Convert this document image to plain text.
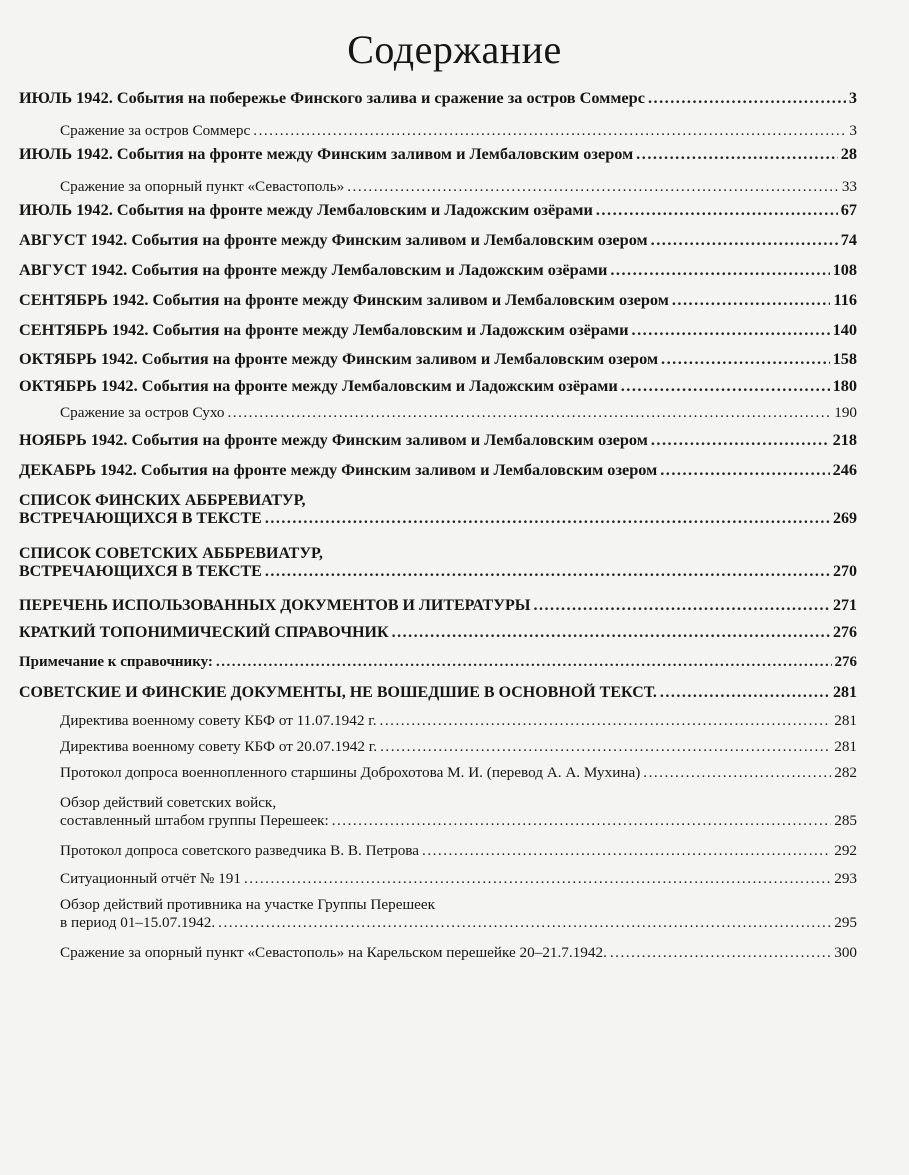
Содержание
ИЮЛЬ 1942. События на побережье Финского залива и сражение за остров Соммерс .....	3
Сражение за остров Соммерс .....	3
ИЮЛЬ 1942. События на фронте между Финским заливом и Лембаловским озером .....	28
Сражение за опорный пункт «Севастополь» .....	33
ИЮЛЬ 1942. События на фронте между Лембаловским и Ладожским озёрами .....	67
АВГУСТ 1942. События на фронте между Финским заливом и Лембаловским озером .....	74
АВГУСТ 1942. События на фронте между Лембаловским и Ладожским озёрами .....	108
СЕНТЯБРЬ 1942. События на фронте между Финским заливом и Лембаловским озером .....	116
СЕНТЯБРЬ 1942. События на фронте между Лембаловским и Ладожским озёрами .....	140
ОКТЯБРЬ 1942. События на фронте между Финским заливом и Лембаловским озером .....	158
ОКТЯБРЬ 1942. События на фронте между Лембаловским и Ладожским озёрами .....	180
Сражение за остров Сухо .....	190
НОЯБРЬ 1942. События на фронте между Финским заливом и Лембаловским озером .....	218
ДЕКАБРЬ 1942. События на фронте между Финским заливом и Лембаловским озером .....	246
СПИСОК ФИНСКИХ АББРЕВИАТУР,
ВСТРЕЧАЮЩИХСЯ В ТЕКСТЕ .....	269
СПИСОК СОВЕТСКИХ АББРЕВИАТУР,
ВСТРЕЧАЮЩИХСЯ В ТЕКСТЕ .....	270
ПЕРЕЧЕНЬ ИСПОЛЬЗОВАННЫХ ДОКУМЕНТОВ И ЛИТЕРАТУРЫ .....	271
КРАТКИЙ ТОПОНИМИЧЕСКИЙ СПРАВОЧНИК .....	276
Примечание к справочнику: .....	276
СОВЕТСКИЕ И ФИНСКИЕ ДОКУМЕНТЫ, НЕ ВОШЕДШИЕ В ОСНОВНОЙ ТЕКСТ. .....	281
Директива военному совету КБФ от 11.07.1942 г. .....	281
Директива военному совету КБФ от 20.07.1942 г. .....	281
Протокол допроса военнопленного старшины Доброхотова М. И. (перевод А. А. Мухина) .....	282
Обзор действий советских войск,
составленный штабом группы Перешеек: .....	285
Протокол допроса советского разведчика В. В. Петрова .....	292
Ситуационный отчёт № 191 .....	293
Обзор действий противника на участке Группы Перешеек
в период 01–15.07.1942. .....	295
Сражение за опорный пункт «Севастополь» на Карельском перешейке 20–21.7.1942. .....	300
